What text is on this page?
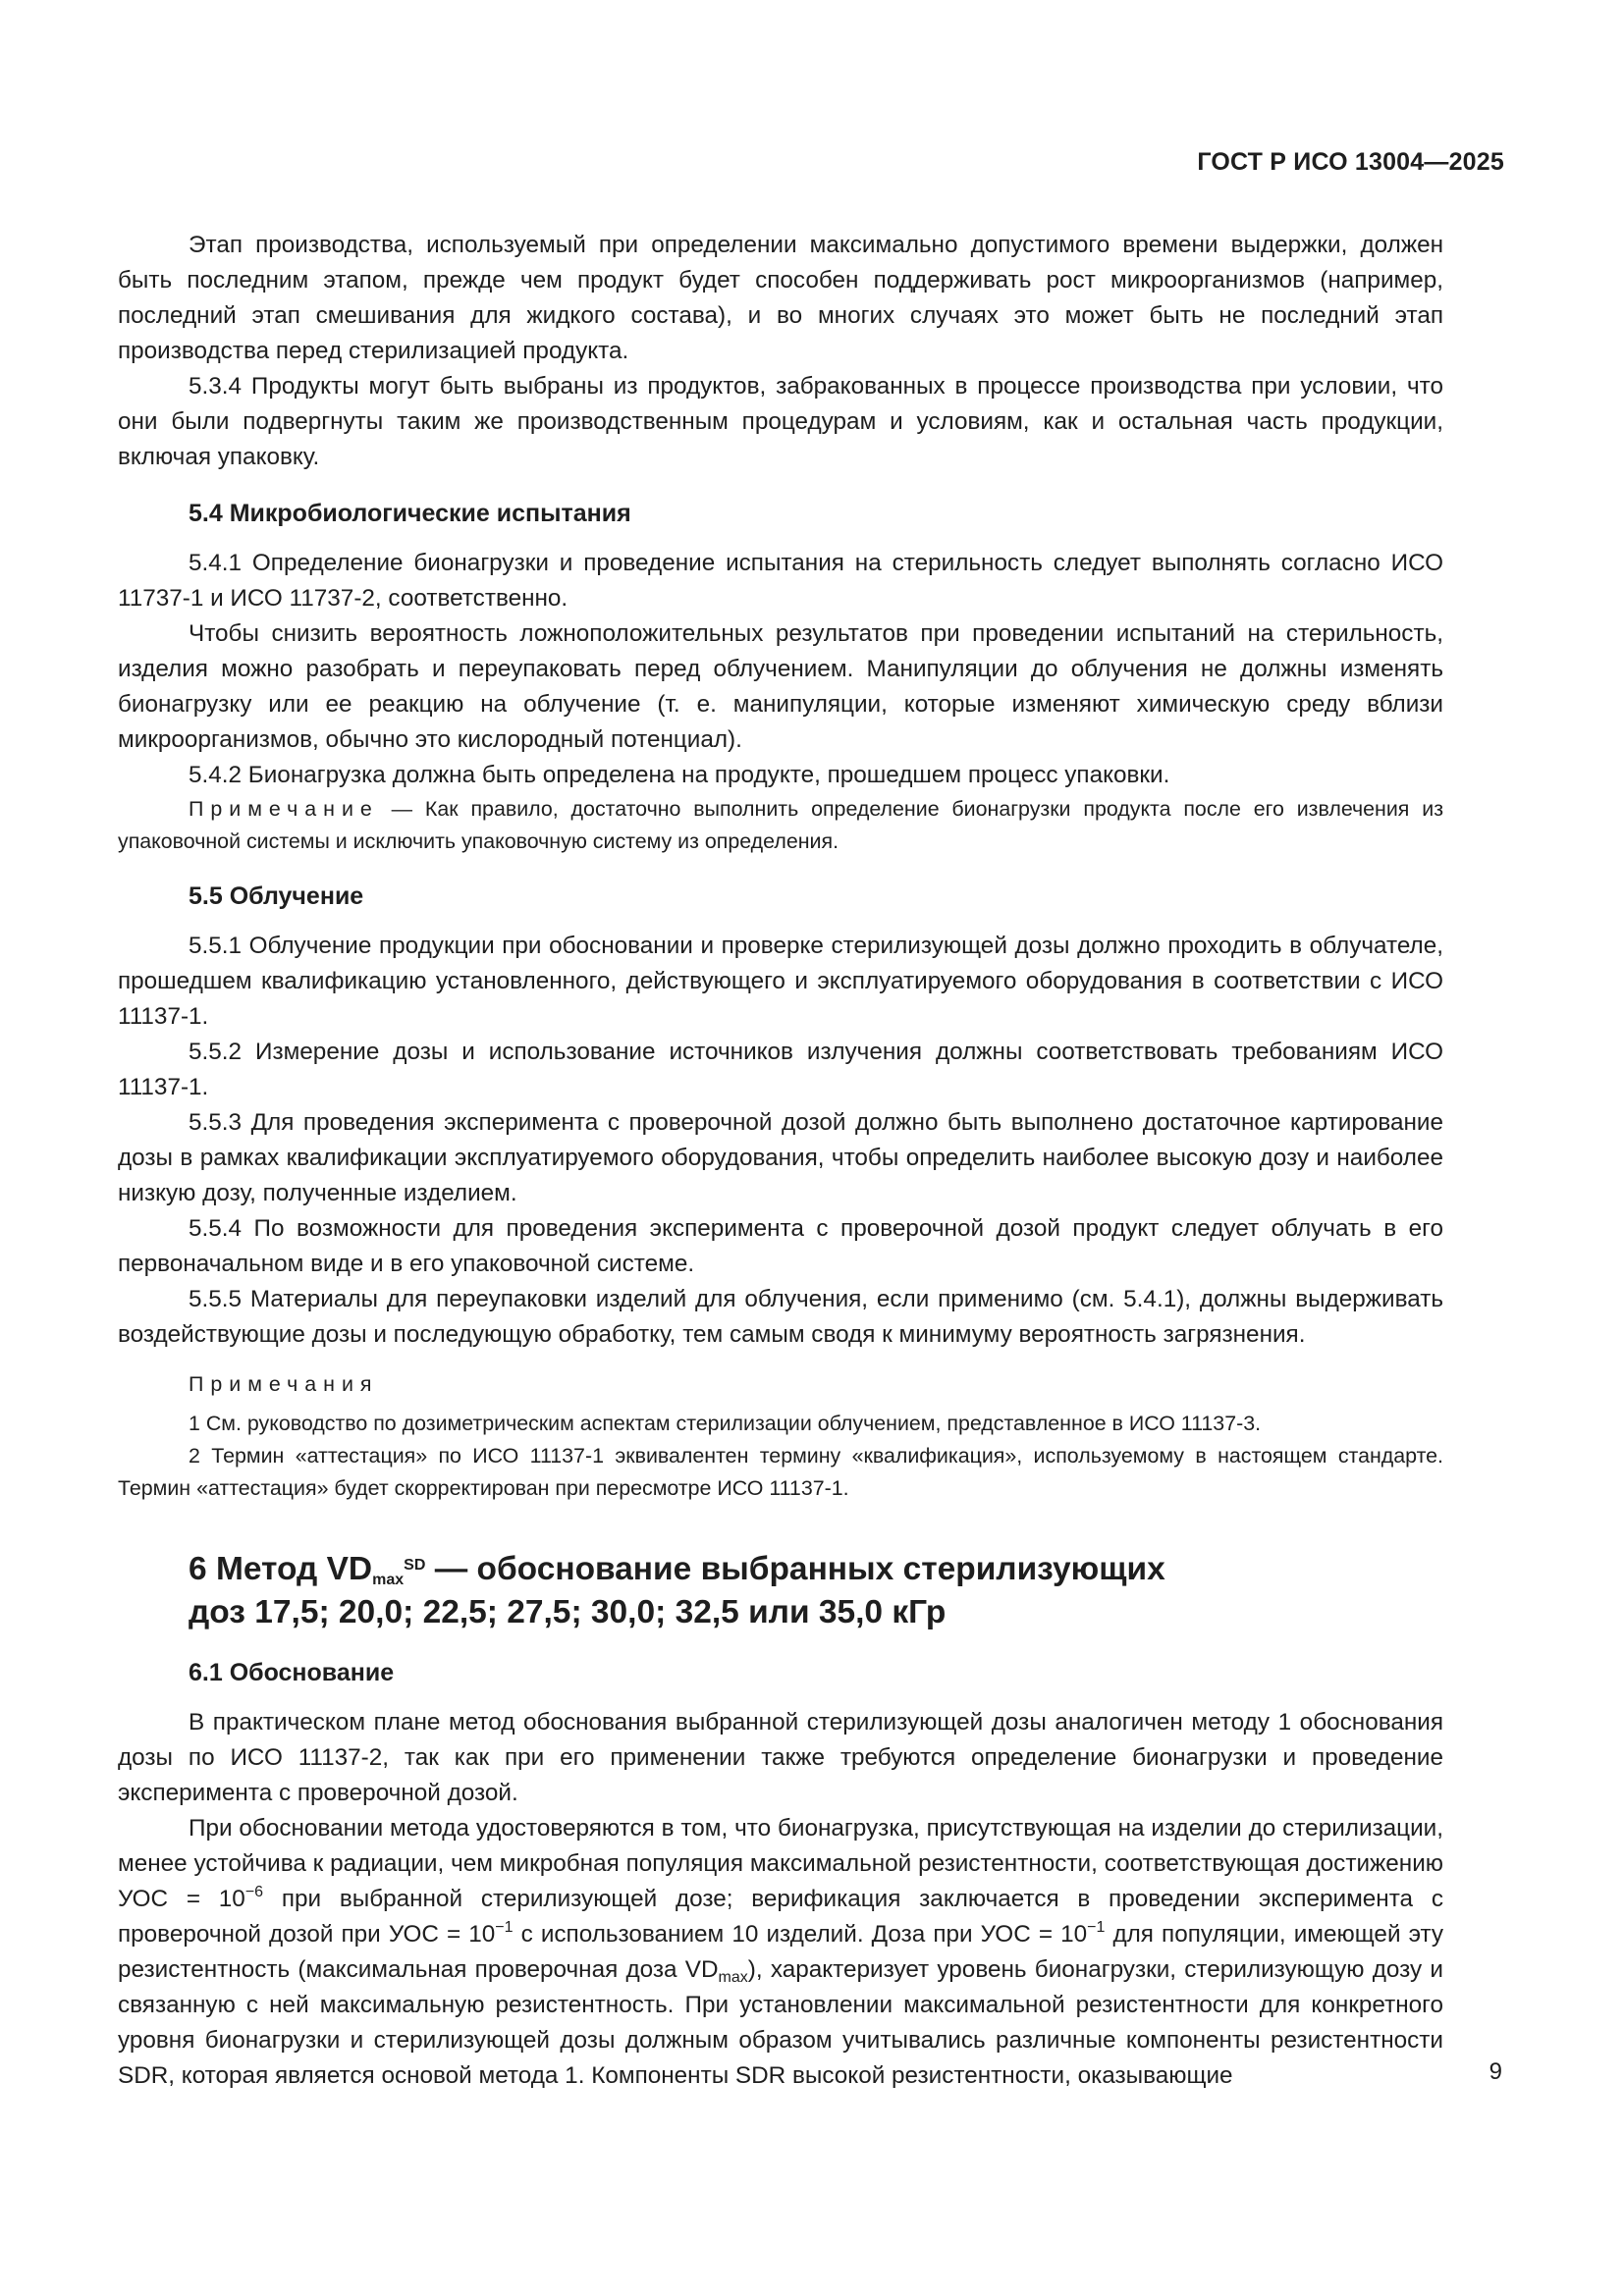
ГОСТ Р ИСО 13004—2025

Этап производства, используемый при определении максимально допустимого времени выдержки, должен быть последним этапом, прежде чем продукт будет способен поддерживать рост микроорганизмов (например, последний этап смешивания для жидкого состава), и во многих случаях это может быть не последний этап производства перед стерилизацией продукта.

5.3.4 Продукты могут быть выбраны из продуктов, забракованных в процессе производства при условии, что они были подвергнуты таким же производственным процедурам и условиям, как и остальная часть продукции, включая упаковку.

5.4 Микробиологические испытания

5.4.1 Определение бионагрузки и проведение испытания на стерильность следует выполнять согласно ИСО 11737-1 и ИСО 11737-2, соответственно.

Чтобы снизить вероятность ложноположительных результатов при проведении испытаний на стерильность, изделия можно разобрать и переупаковать перед облучением. Манипуляции до облучения не должны изменять бионагрузку или ее реакцию на облучение (т. е. манипуляции, которые изменяют химическую среду вблизи микроорганизмов, обычно это кислородный потенциал).

5.4.2 Бионагрузка должна быть определена на продукте, прошедшем процесс упаковки.

Примечание — Как правило, достаточно выполнить определение бионагрузки продукта после его извлечения из упаковочной системы и исключить упаковочную систему из определения.

5.5 Облучение

5.5.1 Облучение продукции при обосновании и проверке стерилизующей дозы должно проходить в облучателе, прошедшем квалификацию установленного, действующего и эксплуатируемого оборудования в соответствии с ИСО 11137-1.

5.5.2 Измерение дозы и использование источников излучения должны соответствовать требованиям ИСО 11137-1.

5.5.3 Для проведения эксперимента с проверочной дозой должно быть выполнено достаточное картирование дозы в рамках квалификации эксплуатируемого оборудования, чтобы определить наиболее высокую дозу и наиболее низкую дозу, полученные изделием.

5.5.4 По возможности для проведения эксперимента с проверочной дозой продукт следует облучать в его первоначальном виде и в его упаковочной системе.

5.5.5 Материалы для переупаковки изделий для облучения, если применимо (см. 5.4.1), должны выдерживать воздействующие дозы и последующую обработку, тем самым сводя к минимуму вероятность загрязнения.

Примечания

1 См. руководство по дозиметрическим аспектам стерилизации облучением, представленное в ИСО 11137-3.

2 Термин «аттестация» по ИСО 11137-1 эквивалентен термину «квалификация», используемому в настоящем стандарте. Термин «аттестация» будет скорректирован при пересмотре ИСО 11137-1.

6 Метод $VD_{max}^{SD}$ — обоснование выбранных стерилизующих
доз 17,5; 20,0; 22,5; 27,5; 30,0; 32,5 или 35,0 кГр
6.1 Обоснование

В практическом плане метод обоснования выбранной стерилизующей дозы аналогичен методу 1 обоснования дозы по ИСО 11137-2, так как при его применении также требуются определение бионагрузки и проведение эксперимента с проверочной дозой.

При обосновании метода удостоверяются в том, что бионагрузка, присутствующая на изделии до стерилизации, менее устойчива к радиации, чем микробная популяция максимальной резистентности, соответствующая достижению УОС = $10^{-6}$ при выбранной стерилизующей дозе; верификация заключается в проведении эксперимента с проверочной дозой при УОС = $10^{-1}$ с использованием 10 изделий. Доза при УОС = $10^{-1}$ для популяции, имеющей эту резистентность (максимальная проверочная доза $VD_{max}$), характеризует уровень бионагрузки, стерилизующую дозу и связанную с ней максимальную резистентность. При установлении максимальной резистентности для конкретного уровня бионагрузки и стерилизующей дозы должным образом учитывались различные компоненты резистентности SDR, которая является основой метода 1. Компоненты SDR высокой резистентности, оказывающие	9
